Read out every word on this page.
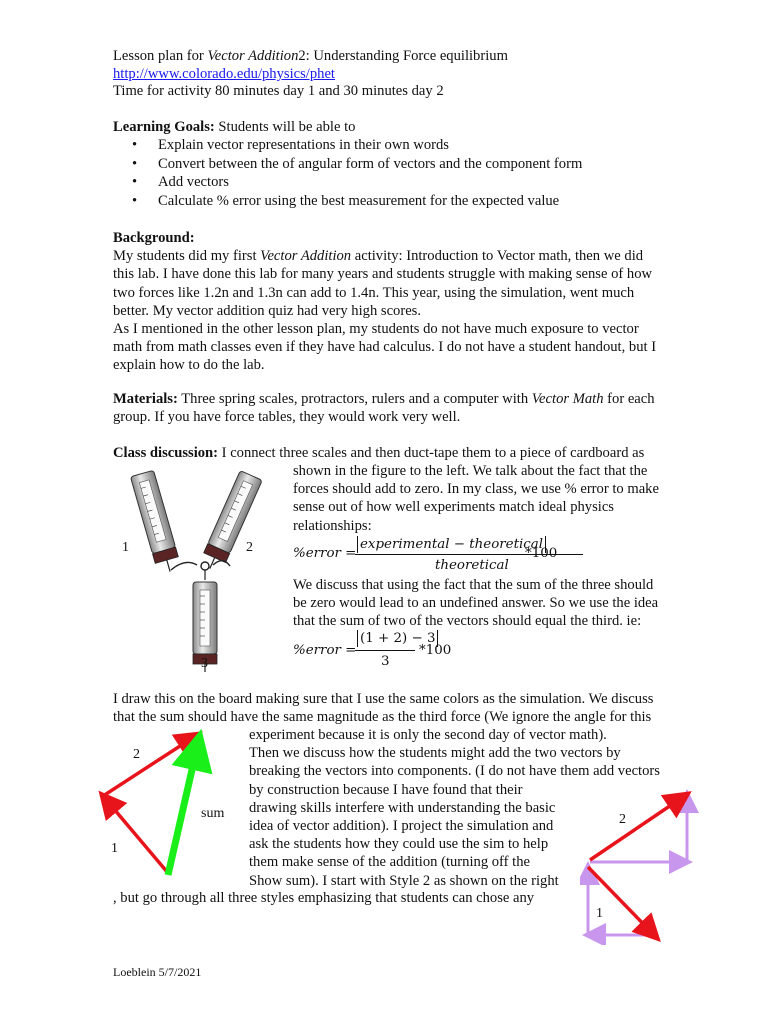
Lesson plan for Vector Addition2: Understanding Force equilibrium
http://www.colorado.edu/physics/phet
Time for activity 80 minutes day 1 and 30 minutes day 2
Learning Goals: Students will be able to
• Explain vector representations in their own words
• Convert between the of angular form of vectors and the component form
• Add vectors
• Calculate % error using the best measurement for the expected value
Background:
My students did my first Vector Addition activity: Introduction to Vector math, then we did
this lab. I have done this lab for many years and students struggle with making sense of how
two forces like 1.2n and 1.3n can add to 1.4n. This year, using the simulation, went much
better. My vector addition quiz had very high scores.
As I mentioned in the other lesson plan, my students do not have much exposure to vector
math from math classes even if they have had calculus. I do not have a student handout, but I
explain how to do the lab.
Materials: Three spring scales, protractors, rulers and a computer with Vector Math for each
group. If you have force tables, they would work very well.
Class discussion: I connect three scales and then duct-tape them to a piece of cardboard as
shown in the figure to the left. We talk about the fact that the
forces should add to zero. In my class, we use % error to make
sense out of how well experiments match ideal physics
relationships:
%error =
experimental − theoretical
theoretical
*100
We discuss that using the fact that the sum of the three should
be zero would lead to an undefined answer. So we use the idea
that the sum of two of the vectors should equal the third. ie:
%error =
(1 + 2) − 3
3
*100
1	2
3
I draw this on the board making sure that I use the same colors as the simulation. We discuss
that the sum should have the same magnitude as the third force (We ignore the angle for this
experiment because it is only the second day of vector math).
Then we discuss how the students might add the two vectors by
breaking the vectors into components. (I do not have them add vectors
by construction because I have found that their
drawing skills interfere with understanding the basic
idea of vector addition). I project the simulation and
ask the students how they could use the sim to help
them make sense of the addition (turning off the
Show sum). I start with Style 2 as shown on the right
, but go through all three styles emphasizing that students can chose any
2
sum
1
2
1
Loeblein 5/7/2021
